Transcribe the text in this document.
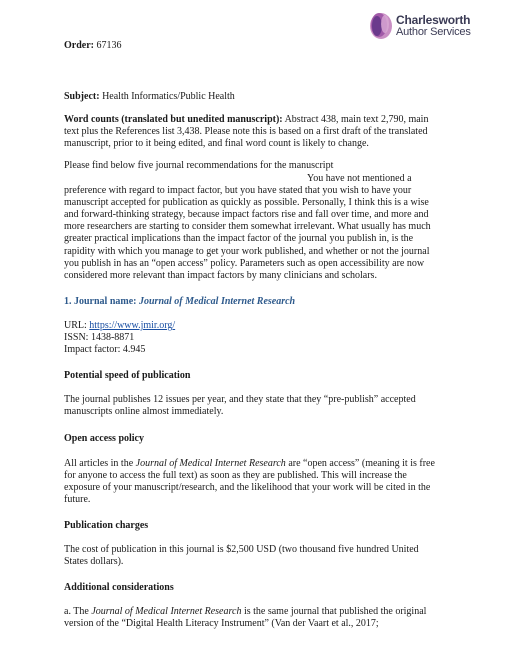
Charlesworth
Author Services
Order: 67136
Subject: Health Informatics/Public Health
Word counts (translated but unedited manuscript): Abstract 438, main text 2,790, main
text plus the References list 3,438. Please note this is based on a first draft of the translated
manuscript, prior to it being edited, and final word count is likely to change.
Please find below five journal recommendations for the manuscript
You have not mentioned a
preference with regard to impact factor, but you have stated that you wish to have your
manuscript accepted for publication as quickly as possible. Personally, I think this is a wise
and forward-thinking strategy, because impact factors rise and fall over time, and more and
more researchers are starting to consider them somewhat irrelevant. What usually has much
greater practical implications than the impact factor of the journal you publish in, is the
rapidity with which you manage to get your work published, and whether or not the journal
you publish in has an “open access” policy. Parameters such as open accessibility are now
considered more relevant than impact factors by many clinicians and scholars.
1. Journal name: Journal of Medical Internet Research
URL: https://www.jmir.org/
ISSN: 1438-8871
Impact factor: 4.945
Potential speed of publication
The journal publishes 12 issues per year, and they state that they “pre-publish” accepted
manuscripts online almost immediately.
Open access policy
All articles in the Journal of Medical Internet Research are “open access” (meaning it is free
for anyone to access the full text) as soon as they are published. This will increase the
exposure of your manuscript/research, and the likelihood that your work will be cited in the
future.
Publication charges
The cost of publication in this journal is $2,500 USD (two thousand five hundred United
States dollars).
Additional considerations
a. The Journal of Medical Internet Research is the same journal that published the original
version of the “Digital Health Literacy Instrument” (Van der Vaart et al., 2017;
